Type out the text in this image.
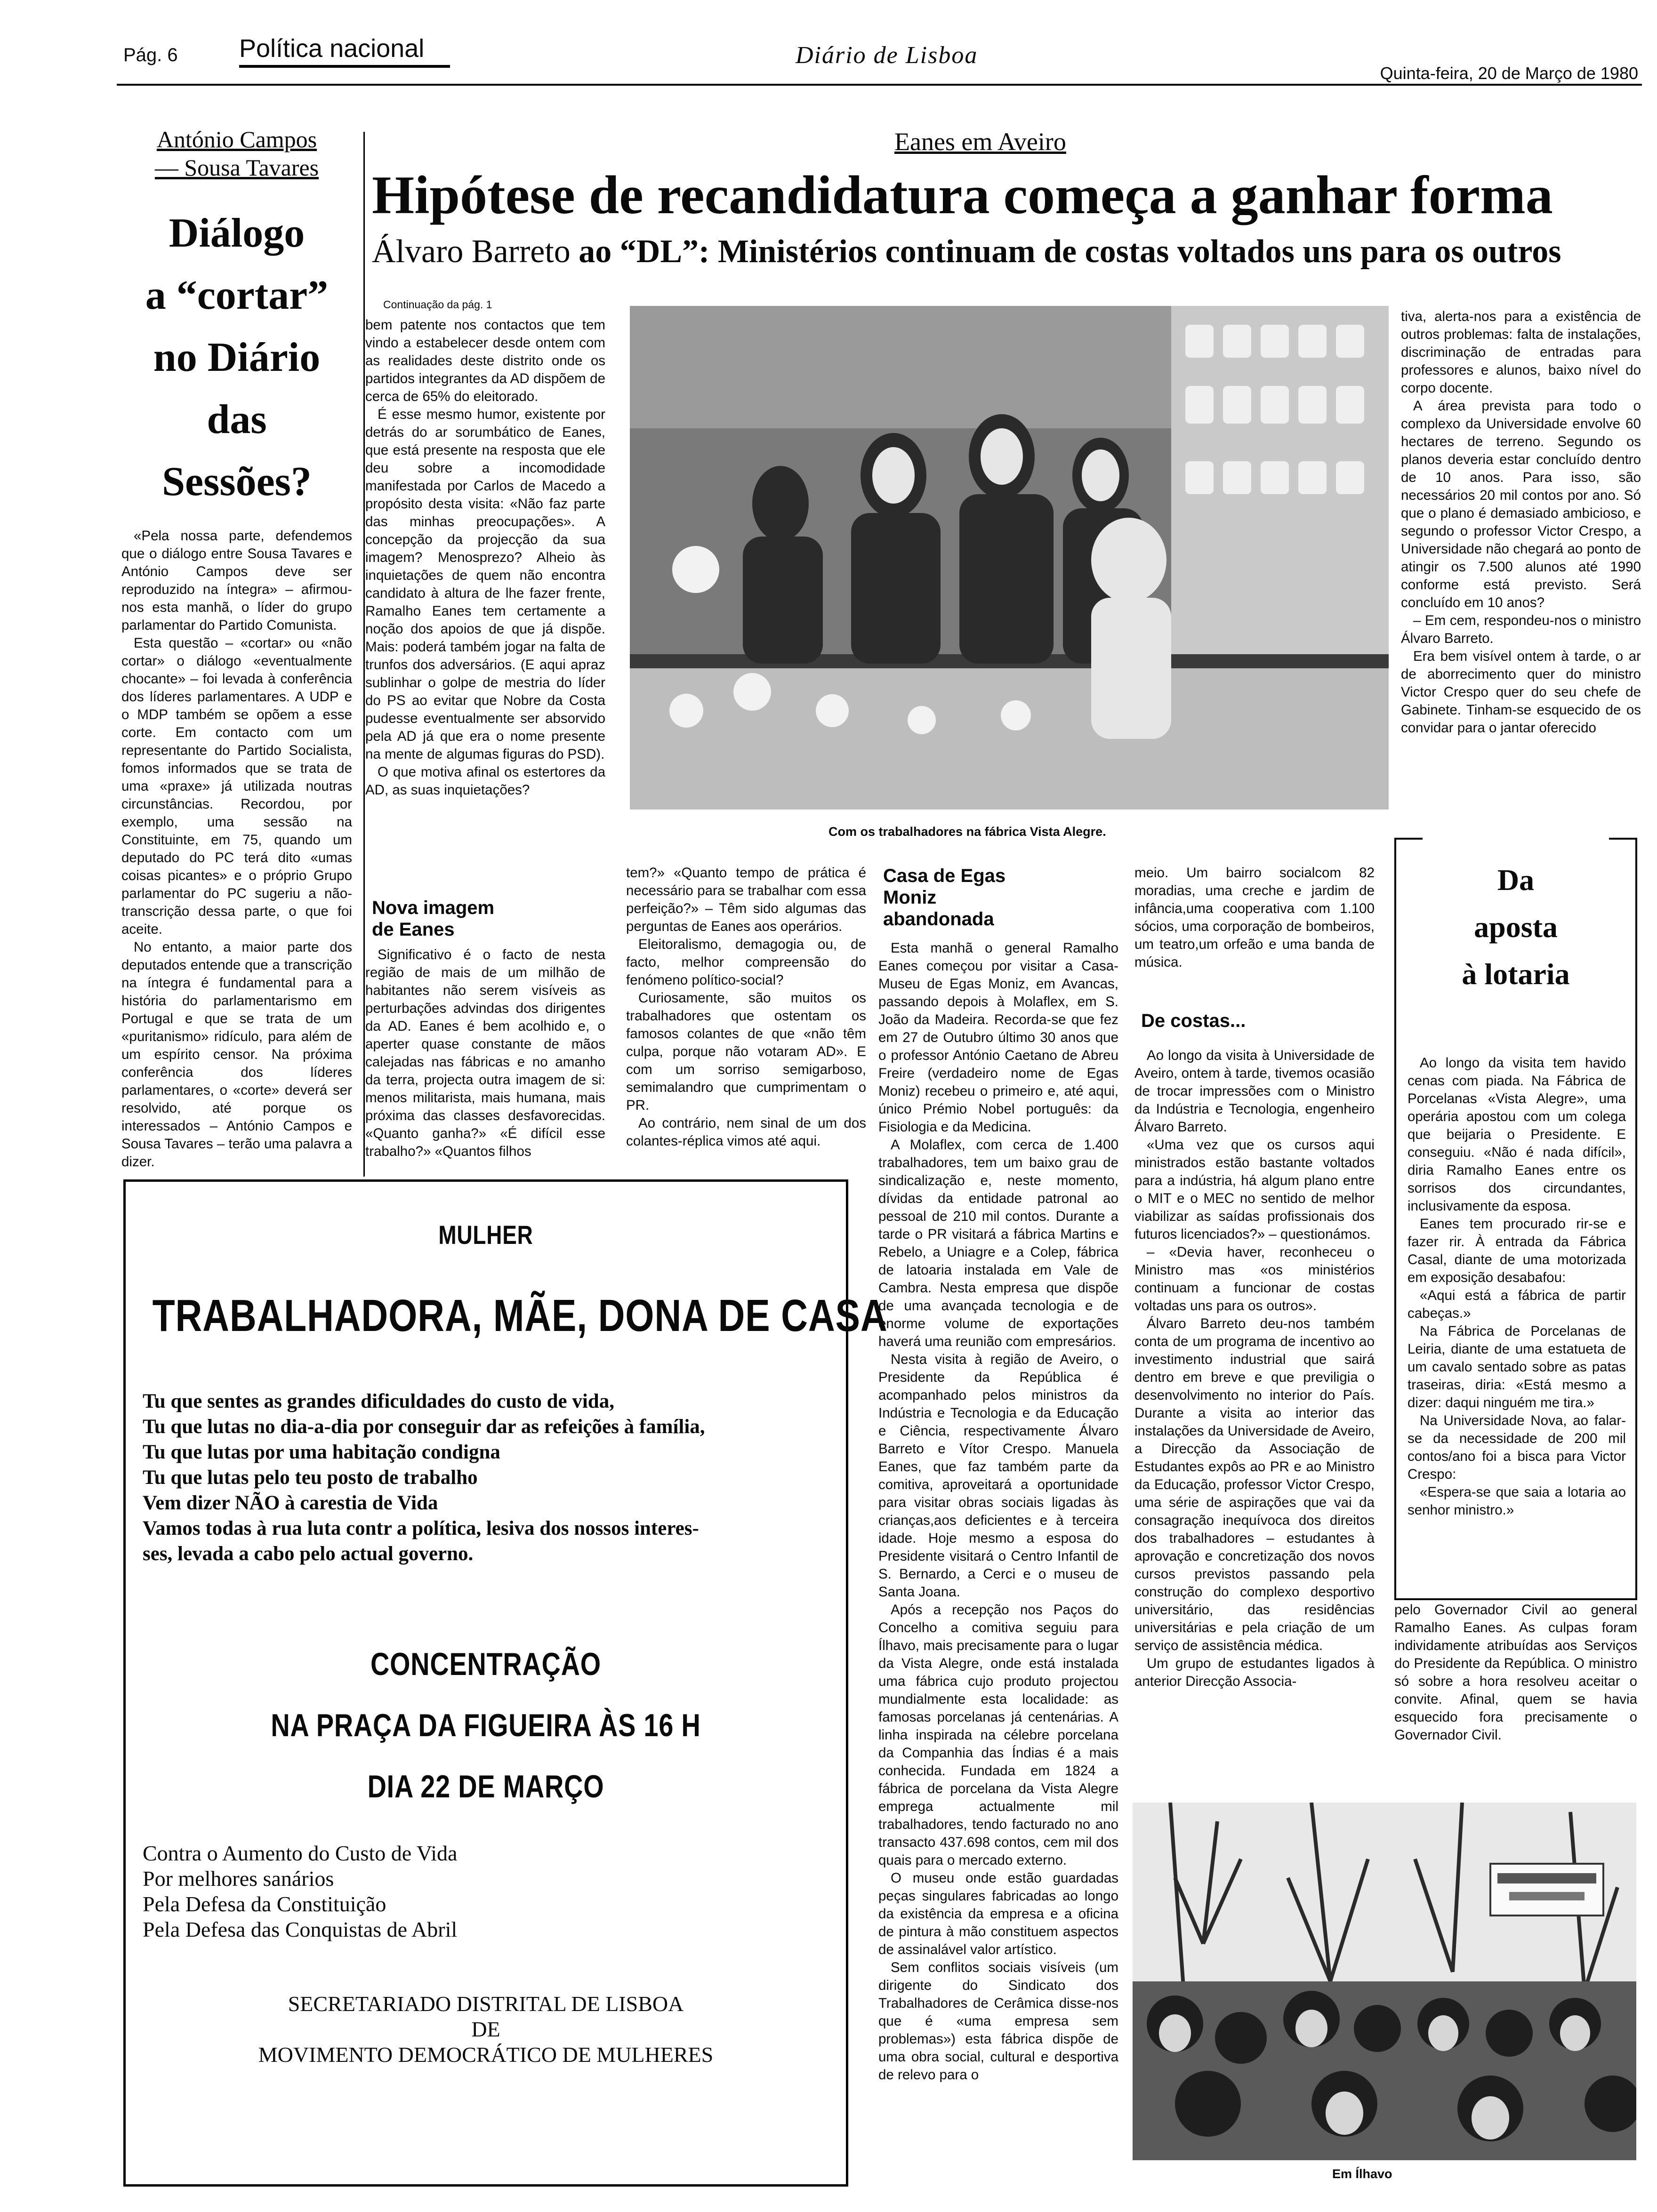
Pág. 6 Política nacional	Diário de Lisboa
Quinta-feira, 20 de Março de 1980
António Campos
— Sousa Tavares
Diálogo
a “cortar”
no Diário
das
Sessões?

«Pela nossa parte, defendemos que o diálogo entre Sousa Tavares e António Campos deve ser reproduzido na íntegra» – afirmou-nos esta manhã, o líder do grupo parlamentar do Partido Comunista.

Esta questão – «cortar» ou «não cortar» o diálogo «eventualmente chocante» – foi levada à conferência dos líderes parlamentares. A UDP e o MDP também se opõem a esse corte. Em contacto com um representante do Partido Socialista, fomos informados que se trata de uma «praxe» já utilizada noutras circunstâncias. Recordou, por exemplo, uma sessão na Constituinte, em 75, quando um deputado do PC terá dito «umas coisas picantes» e o próprio Grupo parlamentar do PC sugeriu a não-transcrição dessa parte, o que foi aceite.

No entanto, a maior parte dos deputados entende que a transcrição na íntegra é fundamental para a história do parlamentarismo em Portugal e que se trata de um «puritanismo» ridículo, para além de um espírito censor. Na próxima conferência dos líderes parlamentares, o «corte» deverá ser resolvido, até porque os interessados – António Campos e Sousa Tavares – terão uma palavra a dizer.

Eanes em Aveiro
Hipótese de recandidatura começa a ganhar forma
Álvaro Barreto ao “DL”: Ministérios continuam de costas voltados uns para os outros
Continuação da pág. 1

bem patente nos contactos que tem vindo a estabelecer desde ontem com as realidades deste distrito onde os partidos integrantes da AD dispõem de cerca de 65% do eleitorado.

É esse mesmo humor, existente por detrás do ar sorumbático de Eanes, que está presente na resposta que ele deu sobre a incomodidade manifestada por Carlos de Macedo a propósito desta visita: «Não faz parte das minhas preocupações». A concepção da projecção da sua imagem? Menosprezo? Alheio às inquietações de quem não encontra candidato à altura de lhe fazer frente, Ramalho Eanes tem certamente a noção dos apoios de que já dispõe. Mais: poderá também jogar na falta de trunfos dos adversários. (E aqui apraz sublinhar o golpe de mestria do líder do PS ao evitar que Nobre da Costa pudesse eventualmente ser absorvido pela AD já que era o nome presente na mente de algumas figuras do PSD).

O que motiva afinal os estertores da AD, as suas inquietações?

Nova imagem de Eanes

Significativo é o facto de nesta região de mais de um milhão de habitantes não serem visíveis as perturbações advindas dos dirigentes da AD. Eanes é bem acolhido e, o aperter quase constante de mãos calejadas nas fábricas e no amanho da terra, projecta outra imagem de si: menos militarista, mais humana, mais próxima das classes desfavorecidas. «Quanto ganha?» «É difícil esse trabalho?» «Quantos filhos

Com os trabalhadores na fábrica Vista Alegre.

tiva, alerta-nos para a existência de outros problemas: falta de instalações, discriminação de entradas para professores e alunos, baixo nível do corpo docente.

A área prevista para todo o complexo da Universidade envolve 60 hectares de terreno. Segundo os planos deveria estar concluído dentro de 10 anos. Para isso, são necessários 20 mil contos por ano. Só que o plano é demasiado ambicioso, e segundo o professor Victor Crespo, a Universidade não chegará ao ponto de atingir os 7.500 alunos até 1990 conforme está previsto. Será concluído em 10 anos?

– Em cem, respondeu-nos o ministro Álvaro Barreto.

Era bem visível ontem à tarde, o ar de aborrecimento quer do ministro Victor Crespo quer do seu chefe de Gabinete. Tinham-se esquecido de os convidar para o jantar oferecido

tem?» «Quanto tempo de prática é necessário para se trabalhar com essa perfeição?» – Têm sido algumas das perguntas de Eanes aos operários.

Eleitoralismo, demagogia ou, de facto, melhor compreensão do fenómeno político-social?

Curiosamente, são muitos os trabalhadores que ostentam os famosos colantes de que «não têm culpa, porque não votaram AD». E com um sorriso semigarboso, semimalandro que cumprimentam o PR.

Ao contrário, nem sinal de um dos colantes-réplica vimos até aqui.

Casa de Egas Moniz abandonada

Esta manhã o general Ramalho Eanes começou por visitar a Casa-Museu de Egas Moniz, em Avancas, passando depois à Molaflex, em S. João da Madeira. Recorda-se que fez em 27 de Outubro último 30 anos que o professor António Caetano de Abreu Freire (verdadeiro nome de Egas Moniz) recebeu o primeiro e, até aqui, único Prémio Nobel português: da Fisiologia e da Medicina.

A Molaflex, com cerca de 1.400 trabalhadores, tem um baixo grau de sindicalização e, neste momento, dívidas da entidade patronal ao pessoal de 210 mil contos. Durante a tarde o PR visitará a fábrica Martins e Rebelo, a Uniagre e a Colep, fábrica de latoaria instalada em Vale de Cambra. Nesta empresa que dispõe de uma avançada tecnologia e de enorme volume de exportações haverá uma reunião com empresários.

Nesta visita à região de Aveiro, o Presidente da República é acompanhado pelos ministros da Indústria e Tecnologia e da Educação e Ciência, respectivamente Álvaro Barreto e Vítor Crespo. Manuela Eanes, que faz também parte da comitiva, aproveitará a oportunidade para visitar obras sociais ligadas às crianças,aos deficientes e à terceira idade. Hoje mesmo a esposa do Presidente visitará o Centro Infantil de S. Bernardo, a Cerci e o museu de Santa Joana.

Após a recepção nos Paços do Concelho a comitiva seguiu para Ílhavo, mais precisamente para o lugar da Vista Alegre, onde está instalada uma fábrica cujo produto projectou mundialmente esta localidade: as famosas porcelanas já centenárias. A linha inspirada na célebre porcelana da Companhia das Índias é a mais conhecida. Fundada em 1824 a fábrica de porcelana da Vista Alegre emprega actualmente mil trabalhadores, tendo facturado no ano transacto 437.698 contos, cem mil dos quais para o mercado externo.

O museu onde estão guardadas peças singulares fabricadas ao longo da existência da empresa e a oficina de pintura à mão constituem aspectos de assinalável valor artístico.

Sem conflitos sociais visíveis (um dirigente do Sindicato dos Trabalhadores de Cerâmica disse-nos que é «uma empresa sem problemas») esta fábrica dispõe de uma obra social, cultural e desportiva de relevo para o

meio. Um bairro socialcom 82 moradias, uma creche e jardim de infância,uma cooperativa com 1.100 sócios, uma corporação de bombeiros, um teatro,um orfeão e uma banda de música.

De costas...

Ao longo da visita à Universidade de Aveiro, ontem à tarde, tivemos ocasião de trocar impressões com o Ministro da Indústria e Tecnologia, engenheiro Álvaro Barreto.

«Uma vez que os cursos aqui ministrados estão bastante voltados para a indústria, há algum plano entre o MIT e o MEC no sentido de melhor viabilizar as saídas profissionais dos futuros licenciados?» – questionámos.

– «Devia haver, reconheceu o Ministro mas «os ministérios continuam a funcionar de costas voltadas uns para os outros».

Álvaro Barreto deu-nos também conta de um programa de incentivo ao investimento industrial que sairá dentro em breve e que previligia o desenvolvimento no interior do País. Durante a visita ao interior das instalações da Universidade de Aveiro, a Direcção da Associação de Estudantes expôs ao PR e ao Ministro da Educação, professor Victor Crespo, uma série de aspirações que vai da consagração inequívoca dos direitos dos trabalhadores – estudantes à aprovação e concretização dos novos cursos previstos passando pela construção do complexo desportivo universitário, das residências universitárias e pela criação de um serviço de assistência médica.

Um grupo de estudantes ligados à anterior Direcção Associa-

Da
aposta
à lotaria

Ao longo da visita tem havido cenas com piada. Na Fábrica de Porcelanas «Vista Alegre», uma operária apostou com um colega que beijaria o Presidente. E conseguiu. «Não é nada difícil», diria Ramalho Eanes entre os sorrisos dos circundantes, inclusivamente da esposa.

Eanes tem procurado rir-se e fazer rir. À entrada da Fábrica Casal, diante de uma motorizada em exposição desabafou:

«Aqui está a fábrica de partir cabeças.»

Na Fábrica de Porcelanas de Leiria, diante de uma estatueta de um cavalo sentado sobre as patas traseiras, diria: «Está mesmo a dizer: daqui ninguém me tira.»

Na Universidade Nova, ao falar-se da necessidade de 200 mil contos/ano foi a bisca para Victor Crespo:

«Espera-se que saia a lotaria ao senhor ministro.»

pelo Governador Civil ao general Ramalho Eanes. As culpas foram individamente atribuídas aos Serviços do Presidente da República. O ministro só sobre a hora resolveu aceitar o convite. Afinal, quem se havia esquecido fora precisamente o Governador Civil.

Em Ílhavo
MULHER
TRABALHADORA, MÃE, DONA DE CASA

Tu que sentes as grandes dificuldades do custo de vida,

Tu que lutas no dia-a-dia por conseguir dar as refeições à família,

Tu que lutas por uma habitação condigna

Tu que lutas pelo teu posto de trabalho

Vem dizer NÃO à carestia de Vida

Vamos todas à rua luta contr a política, lesiva dos nossos interes-

ses, levada a cabo pelo actual governo.

CONCENTRAÇÃO
NA PRAÇA DA FIGUEIRA ÀS 16 H
DIA 22 DE MARÇO

Contra o Aumento do Custo de Vida

Por melhores sanários

Pela Defesa da Constituição

Pela Defesa das Conquistas de Abril

SECRETARIADO DISTRITAL DE LISBOA
DE
MOVIMENTO DEMOCRÁTICO DE MULHERES
